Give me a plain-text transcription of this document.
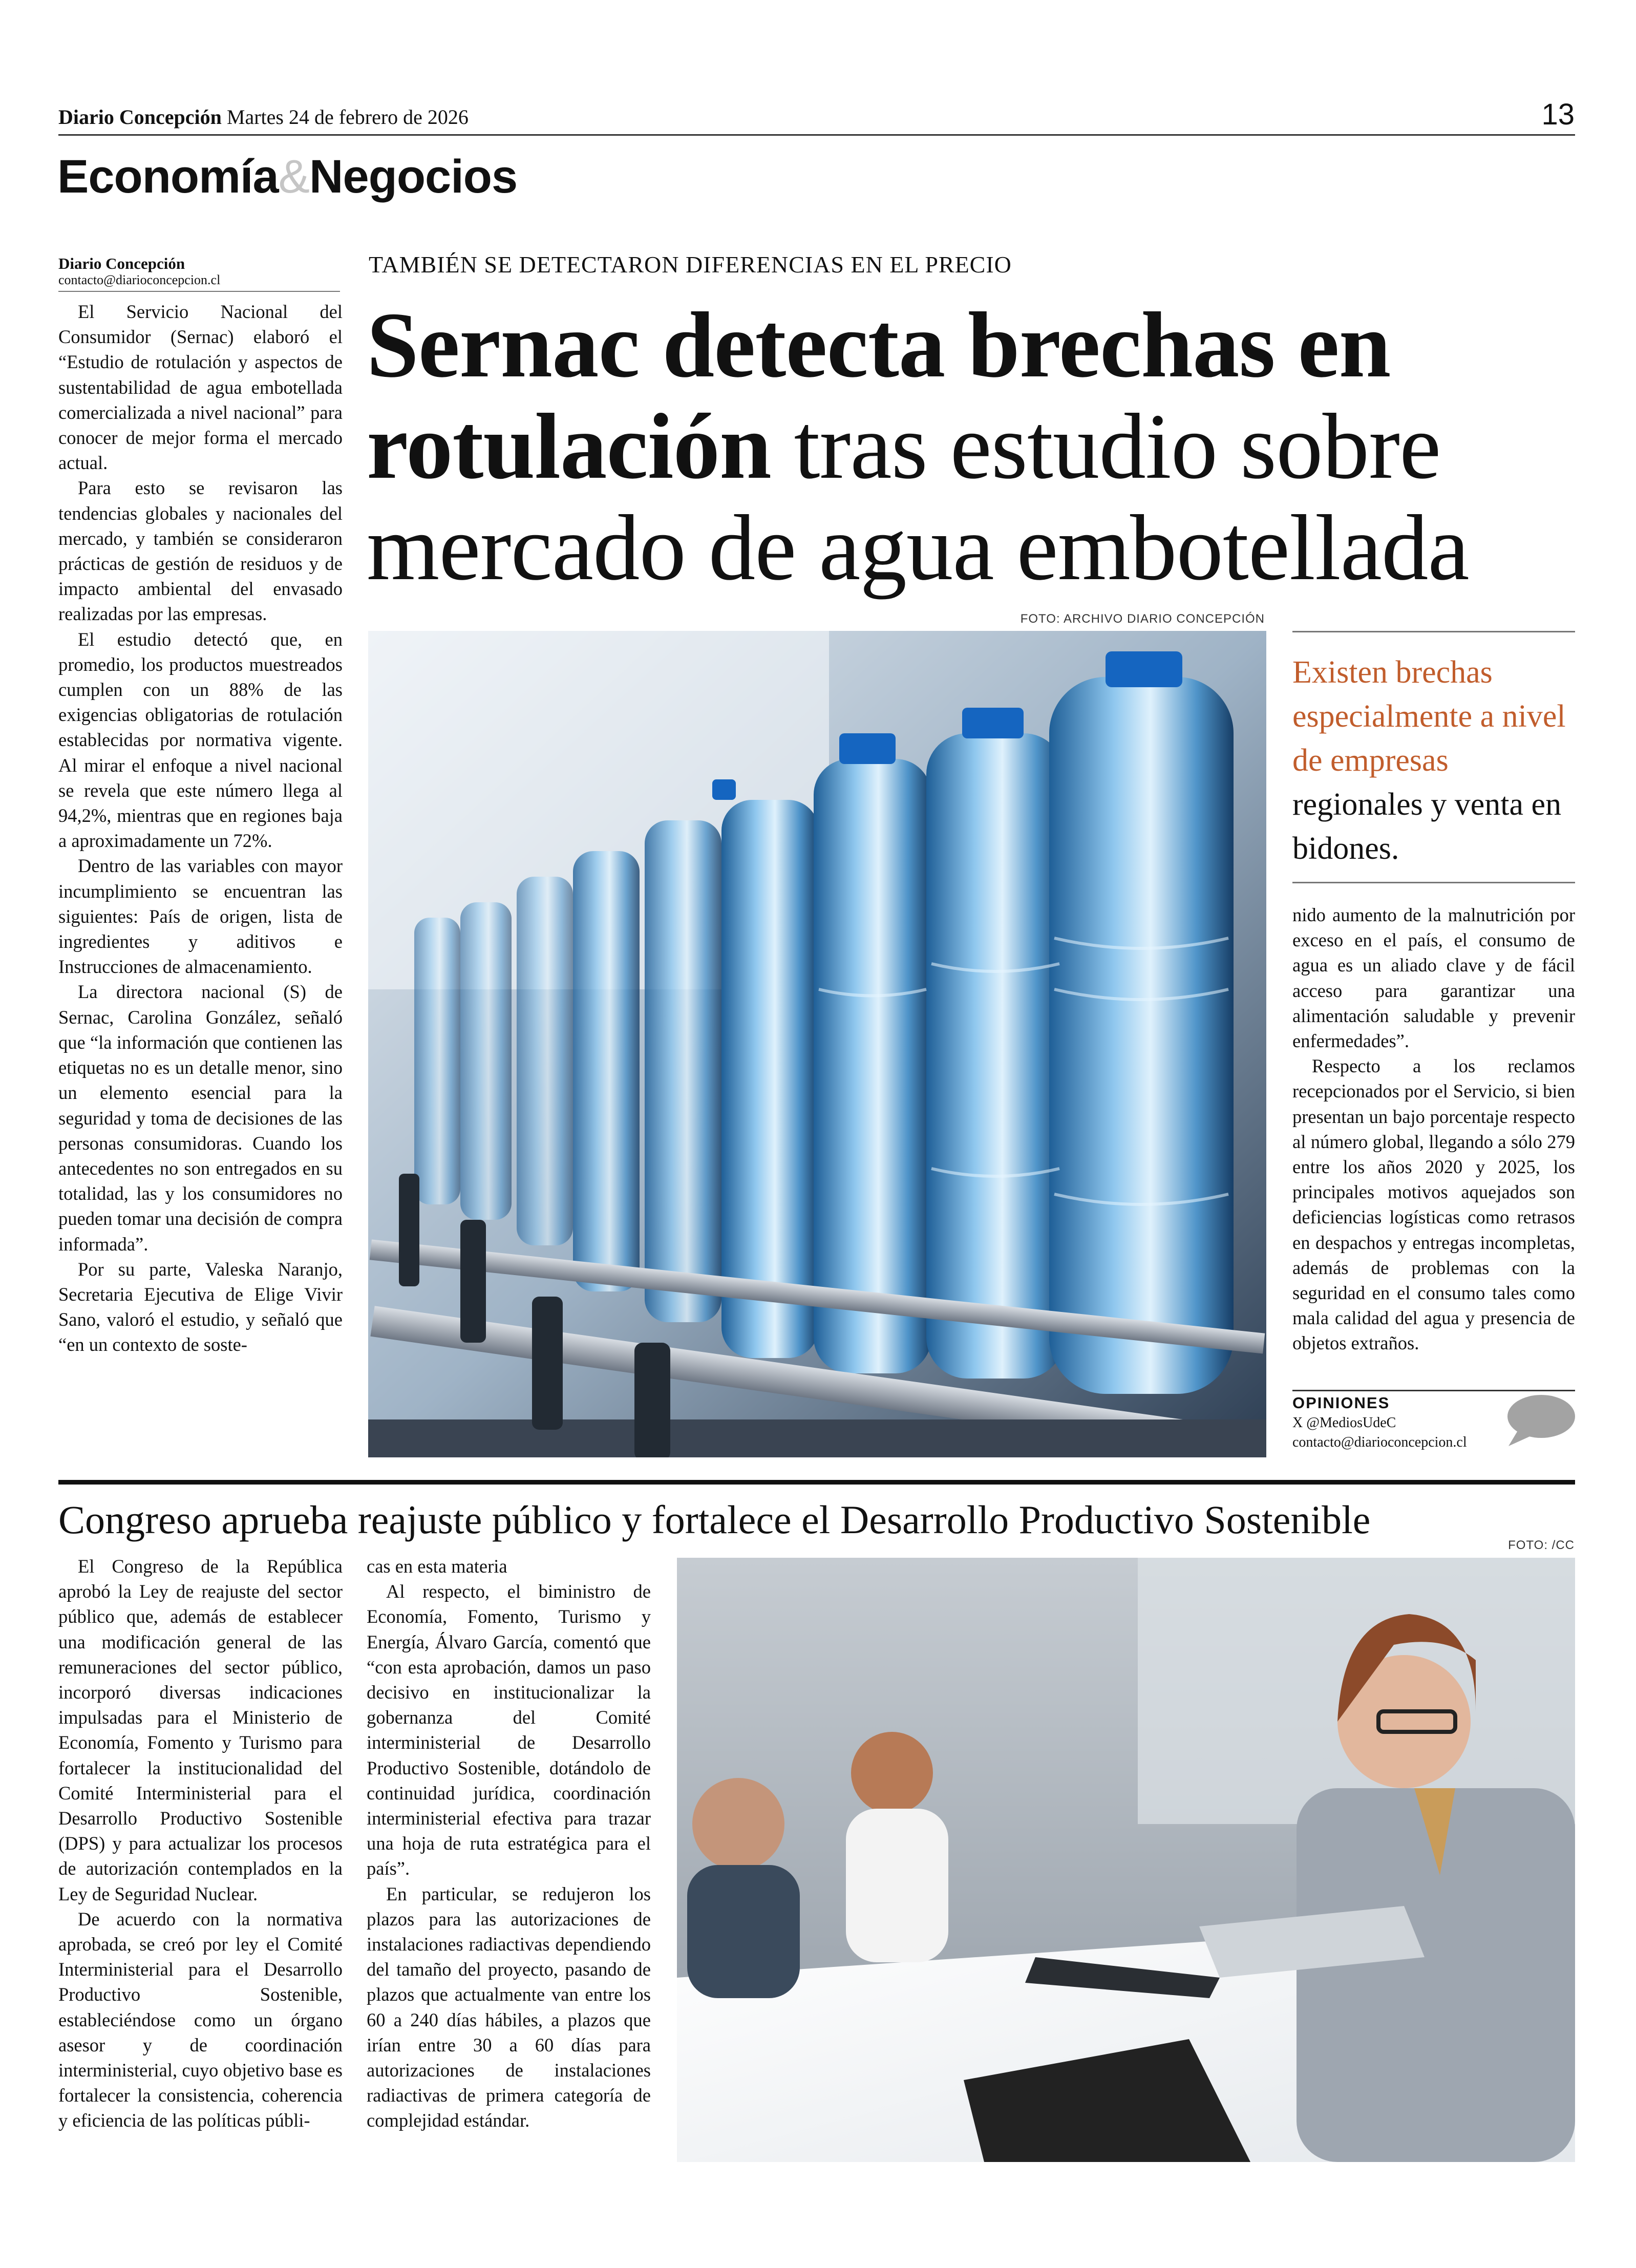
Diario Concepción Martes 24 de febrero de 2026	13
Economía&Negocios
Diario Concepción
contacto@diarioconcepcion.cl

El Servicio Nacional del Consumidor (Sernac) elaboró el “Estudio de rotulación y aspectos de sustentabilidad de agua embotellada comercializada a nivel nacional” para conocer de mejor forma el mercado actual.

Para esto se revisaron las tendencias globales y nacionales del mercado, y también se consideraron prácticas de gestión de residuos y de impacto ambiental del envasado realizadas por las empresas.

El estudio detectó que, en promedio, los productos muestreados cumplen con un 88% de las exigencias obligatorias de rotulación establecidas por normativa vigente. Al mirar el enfoque a nivel nacional se revela que este número llega al 94,2%, mientras que en regiones baja a aproximadamente un 72%.

Dentro de las variables con mayor incumplimiento se encuentran las siguientes: País de origen, lista de ingredientes y aditivos e Instrucciones de almacenamiento.

La directora nacional (S) de Sernac, Carolina González, señaló que “la información que contienen las etiquetas no es un detalle menor, sino un elemento esencial para la seguridad y toma de decisiones de las personas consumidoras. Cuando los antecedentes no son entregados en su totalidad, las y los consumidores no pueden tomar una decisión de compra informada”.

Por su parte, Valeska Naranjo, Secretaria Ejecutiva de Elige Vivir Sano, valoró el estudio, y señaló que “en un contexto de soste-

TAMBIÉN SE DETECTARON DIFERENCIAS EN EL PRECIO
Sernac detecta brechas en rotulación tras estudio sobre mercado de agua embotellada
FOTO: ARCHIVO DIARIO CONCEPCIÓN
Existen brechas especialmente a nivel de empresas regionales y venta en bidones.

nido aumento de la malnutrición por exceso en el país, el consumo de agua es un aliado clave y de fácil acceso para garantizar una alimentación saludable y prevenir enfermedades”.

Respecto a los reclamos recepcionados por el Servicio, si bien presentan un bajo porcentaje respecto al número global, llegando a sólo 279 entre los años 2020 y 2025, los principales motivos aquejados son deficiencias logísticas como retrasos en despachos y entregas incompletas, además de problemas con la seguridad en el consumo tales como mala calidad del agua y presencia de objetos extraños.

OPINIONES
X @MediosUdeC
contacto@diarioconcepcion.cl
Congreso aprueba reajuste público y fortalece el Desarrollo Productivo Sostenible
FOTO: /CC

El Congreso de la República aprobó la Ley de reajuste del sector público que, además de establecer una modificación general de las remuneraciones del sector público, incorporó diversas indicaciones impulsadas para el Ministerio de Economía, Fomento y Turismo para fortalecer la institucionalidad del Comité Interministerial para el Desarrollo Productivo Sostenible (DPS) y para actualizar los procesos de autorización contemplados en la Ley de Seguridad Nuclear.

De acuerdo con la normativa aprobada, se creó por ley el Comité Interministerial para el Desarrollo Productivo Sostenible, estableciéndose como un órgano asesor y de coordinación interministerial, cuyo objetivo base es fortalecer la consistencia, coherencia y eficiencia de las políticas públi-

cas en esta materia

Al respecto, el biministro de Economía, Fomento, Turismo y Energía, Álvaro García, comentó que “con esta aprobación, damos un paso decisivo en institucionalizar la gobernanza del Comité interministerial de Desarrollo Productivo Sostenible, dotándolo de continuidad jurídica, coordinación interministerial efectiva para trazar una hoja de ruta estratégica para el país”.

En particular, se redujeron los plazos para las autorizaciones de instalaciones radiactivas dependiendo del tamaño del proyecto, pasando de plazos que actualmente van entre los 60 a 240 días hábiles, a plazos que irían entre 30 a 60 días para autorizaciones de instalaciones radiactivas de primera categoría de complejidad estándar.
